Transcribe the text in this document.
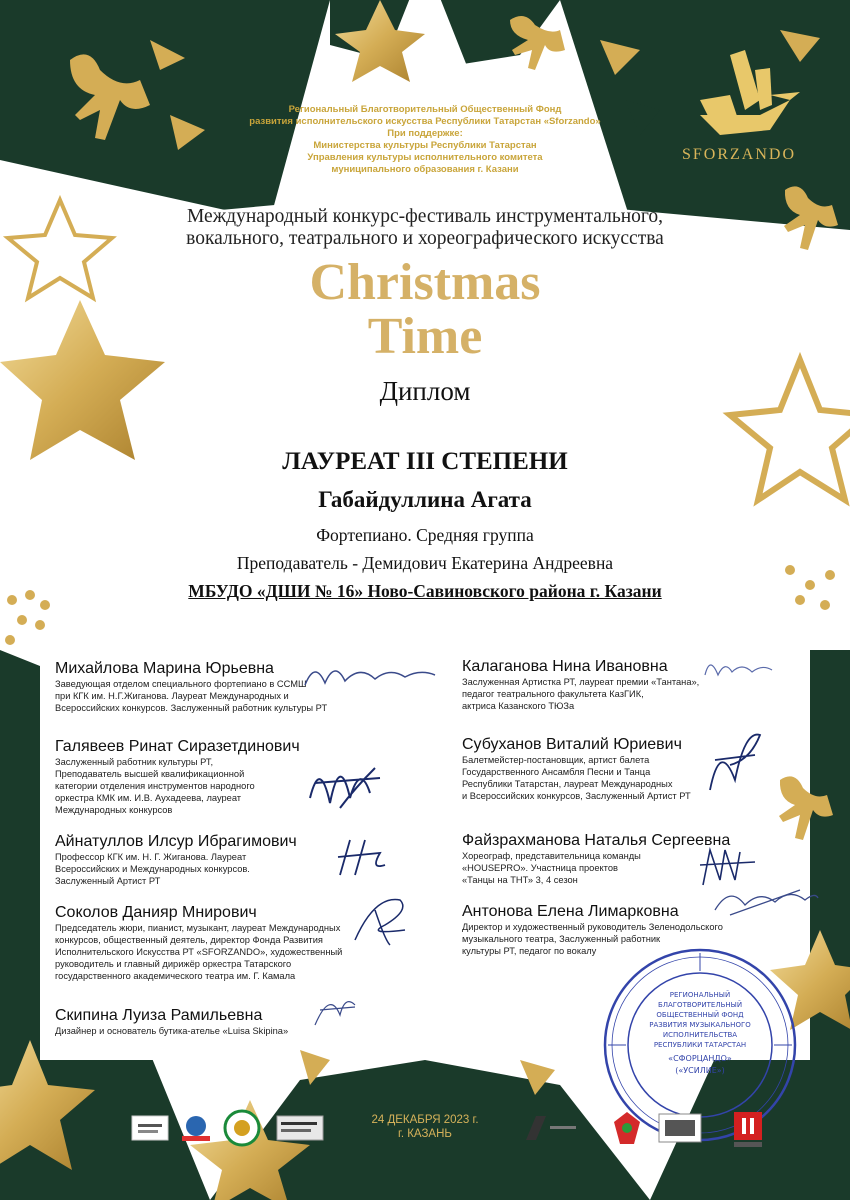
Региональный Благотворительный Общественный Фонд
развития исполнительского искусства Республики Татарстан «Sforzando»
При поддержке:
Министерства культуры Республики Татарстан
Управления культуры исполнительного комитета
муниципального образования г. Казани
SFORZANDO
Международный конкурс-фестиваль инструментального,
вокального, театрального и хореографического искусства
Christmas
Time
Диплом
ЛАУРЕАТ III СТЕПЕНИ
Габайдуллина Агата
Фортепиано. Средняя группа
Преподаватель - Демидович Екатерина Андреевна
МБУДО «ДШИ № 16» Ново-Савиновского района г. Казани
Михайлова Марина Юрьевна
Заведующая отделом специального фортепиано в ССМШ
при КГК им. Н.Г.Жиганова. Лауреат Международных и
Всероссийских конкурсов. Заслуженный работник культуры РТ
Галявеев Ринат Сиразетдинович
Заслуженный работник культуры РТ,
Преподаватель высшей квалификационной
категории отделения инструментов народного
оркестра КМК им. И.В. Аухадеева, лауреат
Международных конкурсов
Айнатуллов Илсур Ибрагимович
Профессор КГК им. Н. Г. Жиганова. Лауреат
Всероссийских и Международных конкурсов.
Заслуженный Артист РТ
Соколов Данияр Мнирович
Председатель жюри, пианист, музыкант, лауреат Международных
конкурсов, общественный деятель, директор Фонда Развития
Исполнительского Искусства РТ «SFORZANDO», художественный
руководитель и главный дирижёр оркестра Татарского
государственного академического театра им. Г. Камала
Скипина Луиза Рамильевна
Дизайнер и основатель бутика-ателье «Luisa Skipina»
Калаганова Нина Ивановна
Заслуженная Артистка РТ, лауреат премии «Тантана»,
педагог театрального факультета КазГИК,
актриса Казанского ТЮЗа
Субуханов Виталий Юриевич
Балетмейстер-постановщик, артист балета
Государственного Ансамбля Песни и Танца
Республики Татарстан, лауреат Международных
и Всероссийских конкурсов, Заслуженный Артист РТ
Файзрахманова Наталья Сергеевна
Хореограф, представительница команды
«HOUSEPRO». Участница проектов
«Танцы на ТНТ» 3, 4 сезон
Антонова Елена Лимарковна
Директор и художественный руководитель Зеленодольского
музыкального театра, Заслуженный работник
культуры РТ, педагог по вокалу
РЕГИОНАЛЬНЫЙ
БЛАГОТВОРИТЕЛЬНЫЙ
ОБЩЕСТВЕННЫЙ ФОНД
РАЗВИТИЯ МУЗЫКАЛЬНОГО
ИСПОЛНИТЕЛЬСТВА
РЕСПУБЛИКИ ТАТАРСТАН
«СФОРЦАНДО»
(«УСИЛИЕ»)
24 ДЕКАБРЯ 2023 г.
г. КАЗАНЬ
